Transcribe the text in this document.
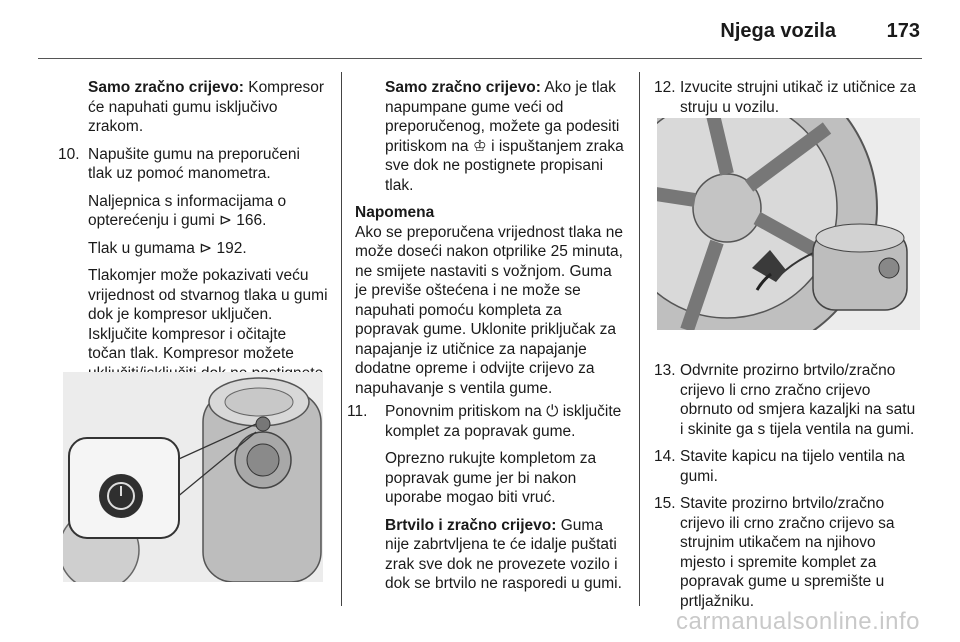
Njega vozila	173

Samo zračno crijevo: Kompresor će napuhati gumu isključivo zrakom.

10. Napušite gumu na preporučeni tlak uz pomoć manometra.

Naljepnica s informacijama o opterećenju i gumi ⊳ 166.

Tlak u gumama ⊳ 192.

Tlakomjer može pokazivati veću vrijednost od stvarnog tlaka u gumi dok je kompresor uključen. Isključite kompresor i očitajte točan tlak. Kompresor možete

Samo zračno crijevo: Ako je tlak napumpane gume veći od preporučenog, možete ga podesiti pritiskom na ♔ i ispuštanjem zraka sve dok ne postignete propisani tlak.

Napomena
Ako se preporučena vrijednost tlaka ne može doseći nakon otprilike 25 minuta, ne smijete nastaviti s vožnjom. Guma je previše oštećena i ne može se napuhati pomoću kompleta za popravak gume. Uklonite priključak za napajanje iz utičnice za napajanje dodatne opreme i odvijte crijevo za napuhavanje s ventila gume.

11. Ponovnim pritiskom na ⏻ isključite komplet za popravak gume.

Oprezno rukujte kompletom za popravak gume jer bi nakon uporabe mogao biti vruć.

Brtvilo i zračno crijevo: Guma nije zabrtvljena te će idalje puštati zrak sve dok ne provezete vozilo i dok se brtvilo ne rasporedi u gumi.

12. Izvucite strujni utikač iz utičnice za struju u vozilu.
13. Odvrnite prozirno brtvilo/zračno crijevo li crno zračno crijevo obrnuto od smjera kazaljki na satu i skinite ga s tijela ventila na gumi.
14. Stavite kapicu na tijelo ventila na gumi.
15. Stavite prozirno brtvilo/zračno crijevo ili crno zračno crijevo sa strujnim utikačem na njihovo mjesto i spremite komplet za popravak gume u spremište u prtljažniku.
carmanualsonline.info
